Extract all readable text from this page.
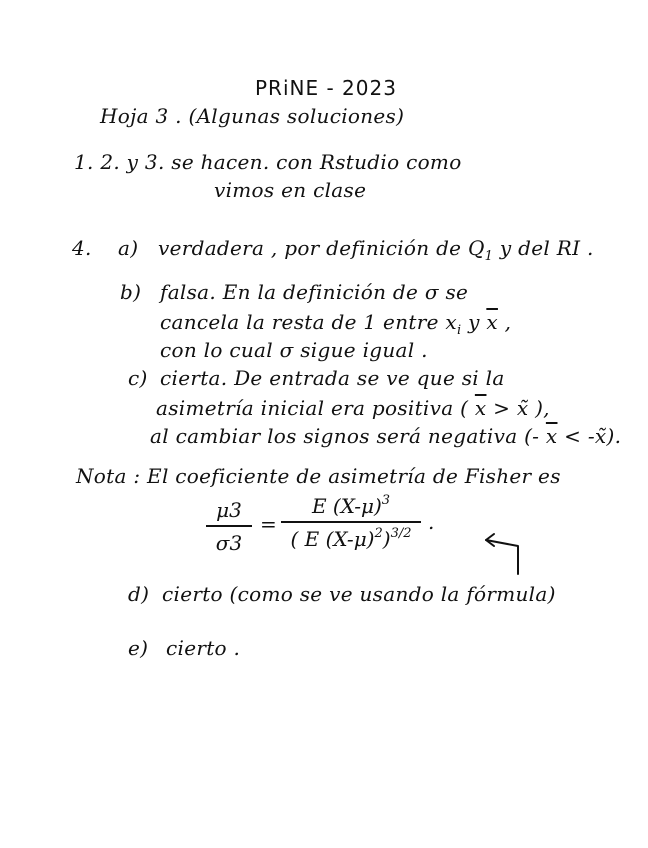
PRiNE - 2023
Hoja 3 . (Algunas soluciones)
1. 2. y 3. se hacen. con Rstudio como
vimos en clase
4. a) verdadera , por definición de $Q_1$ y del RI .
b) falsa. En la definición de σ se
cancela la resta de 1 entre $x_i$ y $\overline{x}$ ,
con lo cual σ sigue igual .
c) cierta. De entrada se ve que si la
asimetría inicial era positiva ( $\overline{x}$ > x̃ ),
al cambiar los signos será negativa (- $\overline{x}$ < -x̃).
Nota : El coeficiente de asimetría de Fisher es
μ3
σ3
=
E $(X-\mu)^3$
( E $(X-\mu)^2)^{3/2}$ .
d) cierto (como se ve usando la fórmula)
e) cierto .
